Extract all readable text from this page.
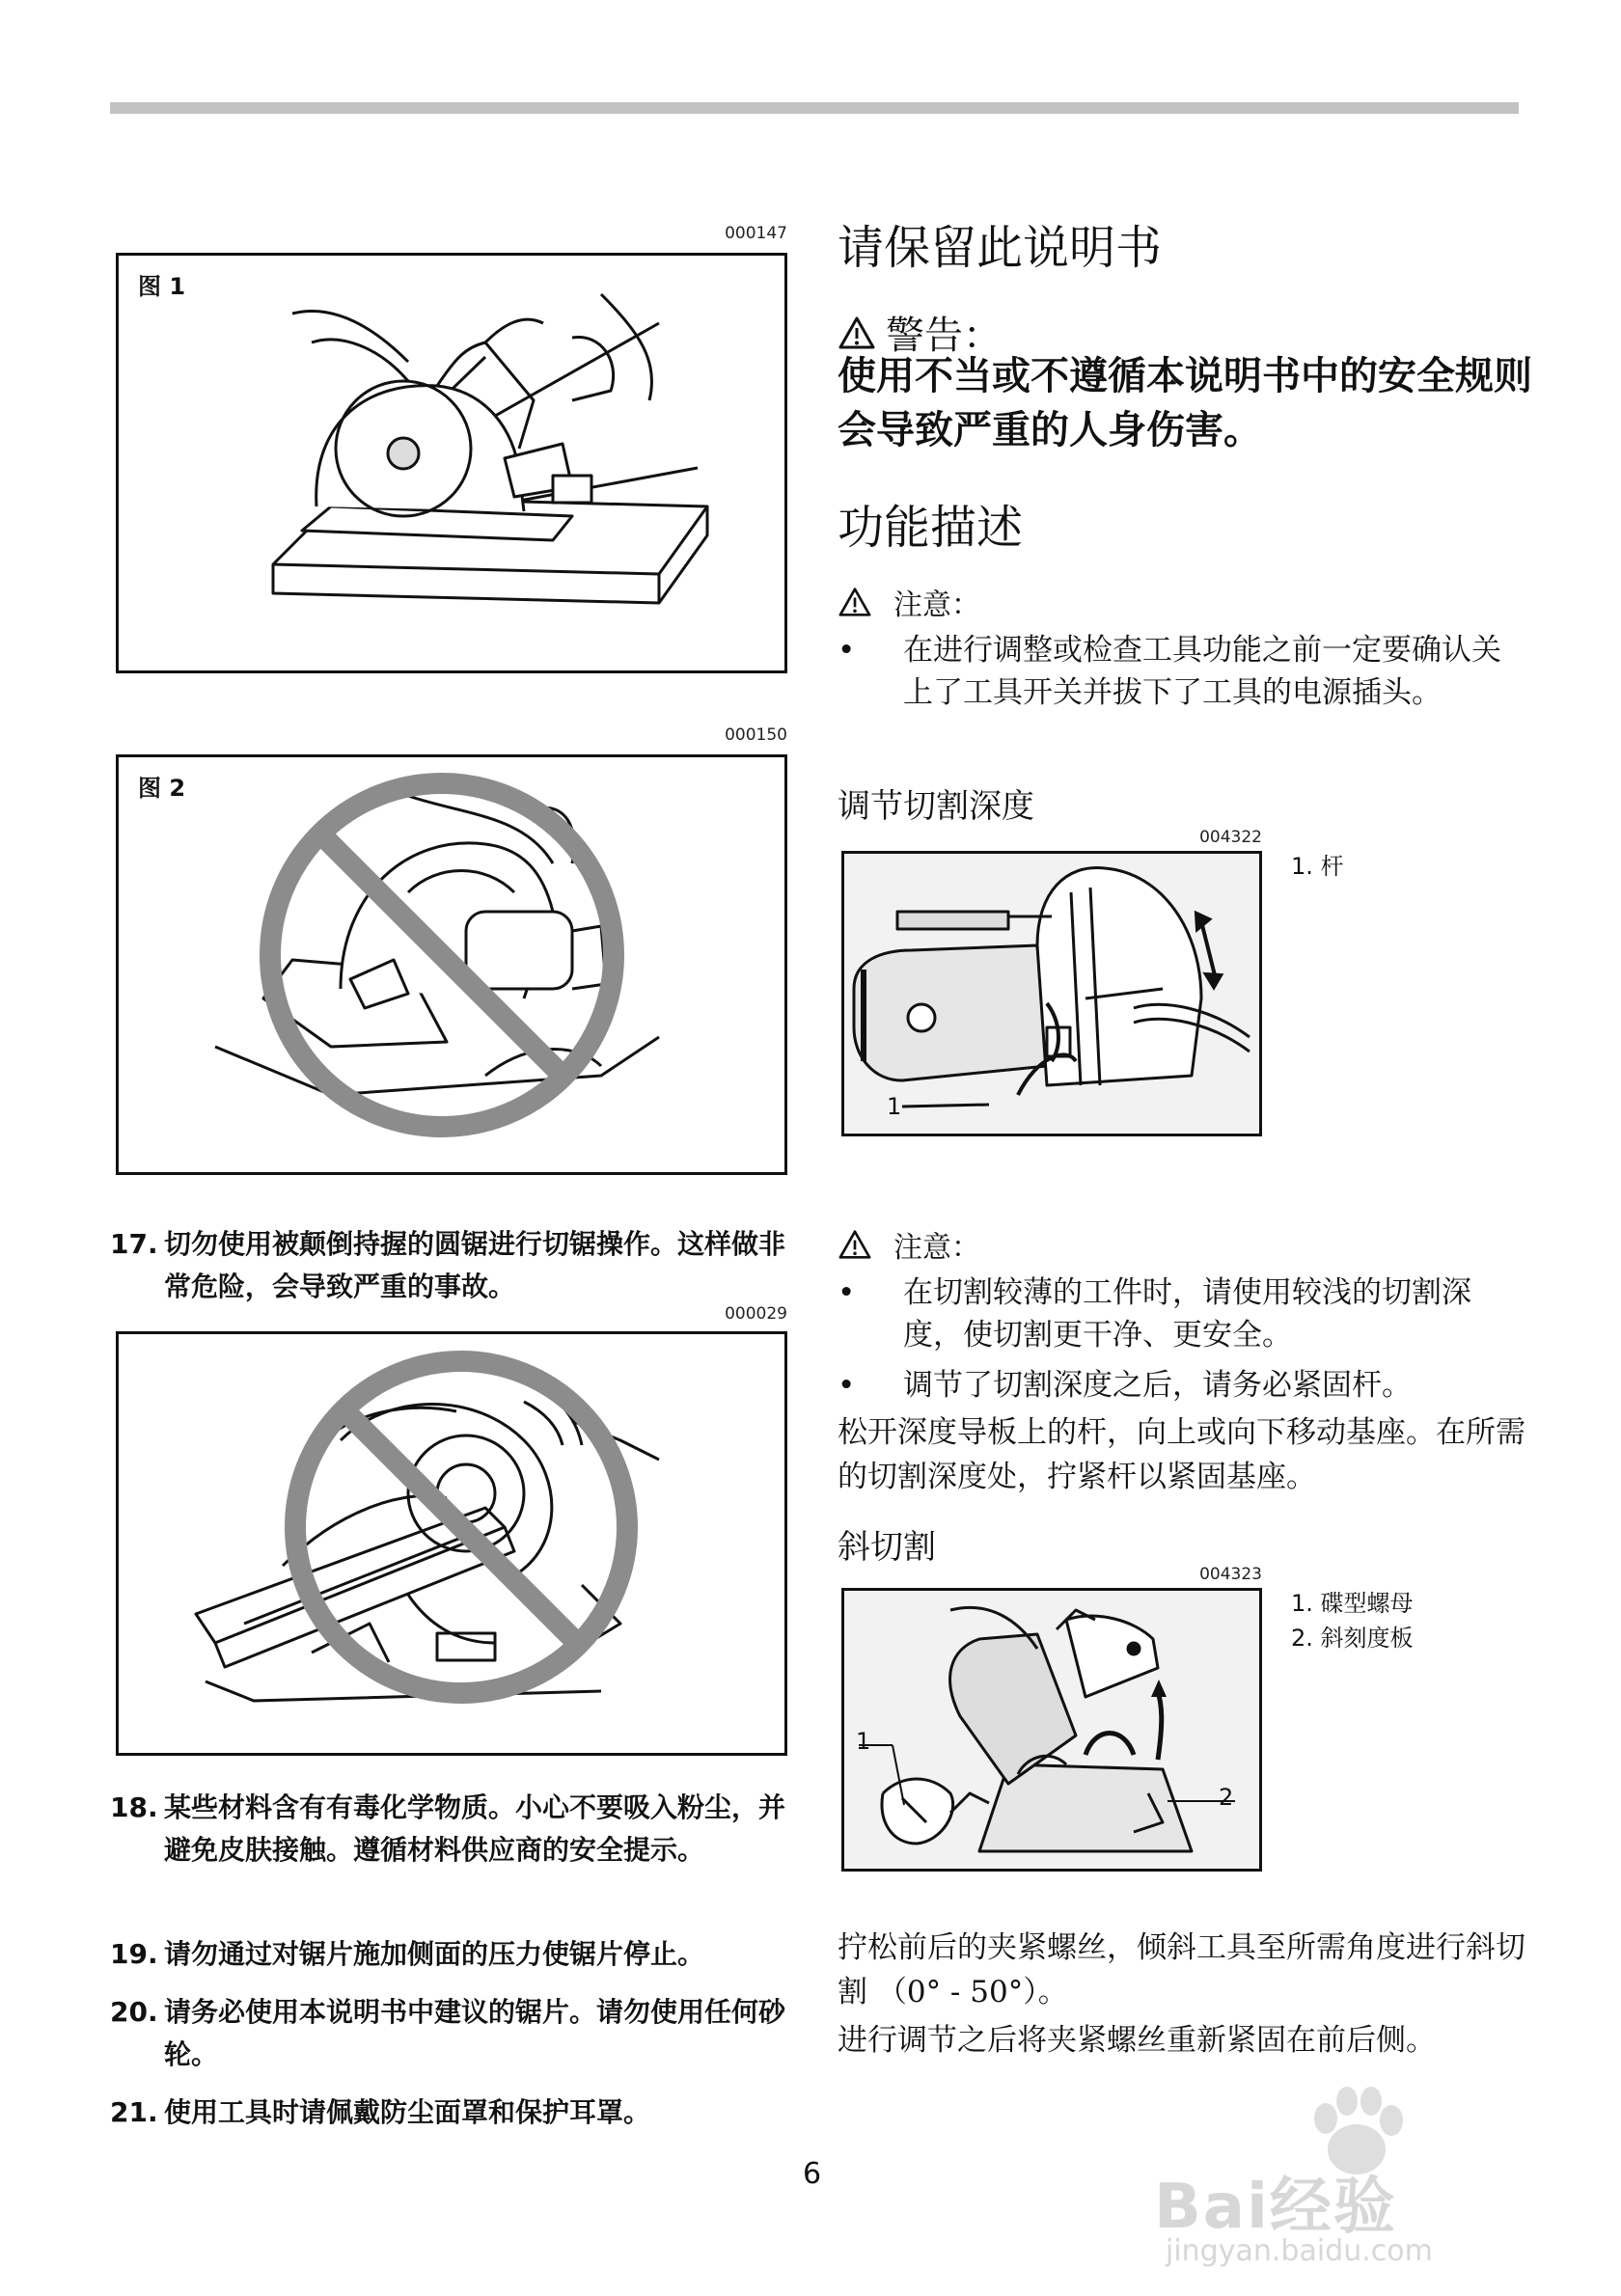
000147
图 1
000150
图 2
17. 切勿使用被颠倒持握的圆锯进行切锯操作。这样做非常危险，会导致严重的事故。
000029
18. 某些材料含有有毒化学物质。小心不要吸入粉尘，并避免皮肤接触。遵循材料供应商的安全提示。
19. 请勿通过对锯片施加侧面的压力使锯片停止。
20. 请务必使用本说明书中建议的锯片。请勿使用任何砂轮。
21. 使用工具时请佩戴防尘面罩和保护耳罩。
请保留此说明书
警告：
使用不当或不遵循本说明书中的安全规则会导致严重的人身伤害。
功能描述
注意：
• 在进行调整或检查工具功能之前一定要确认关上了工具开关并拔下了工具的电源插头。
调节切割深度
004322
1
1. 杆
注意：
• 在切割较薄的工件时，请使用较浅的切割深度，使切割更干净、更安全。
• 调节了切割深度之后，请务必紧固杆。
松开深度导板上的杆，向上或向下移动基座。在所需的切割深度处，拧紧杆以紧固基座。
斜切割
004323
1
2
1. 碟型螺母
2. 斜刻度板
拧松前后的夹紧螺丝，倾斜工具至所需角度进行斜切割 （0° - 50°）。
进行调节之后将夹紧螺丝重新紧固在前后侧。
6	Bai经验
jingyan.baidu.com
